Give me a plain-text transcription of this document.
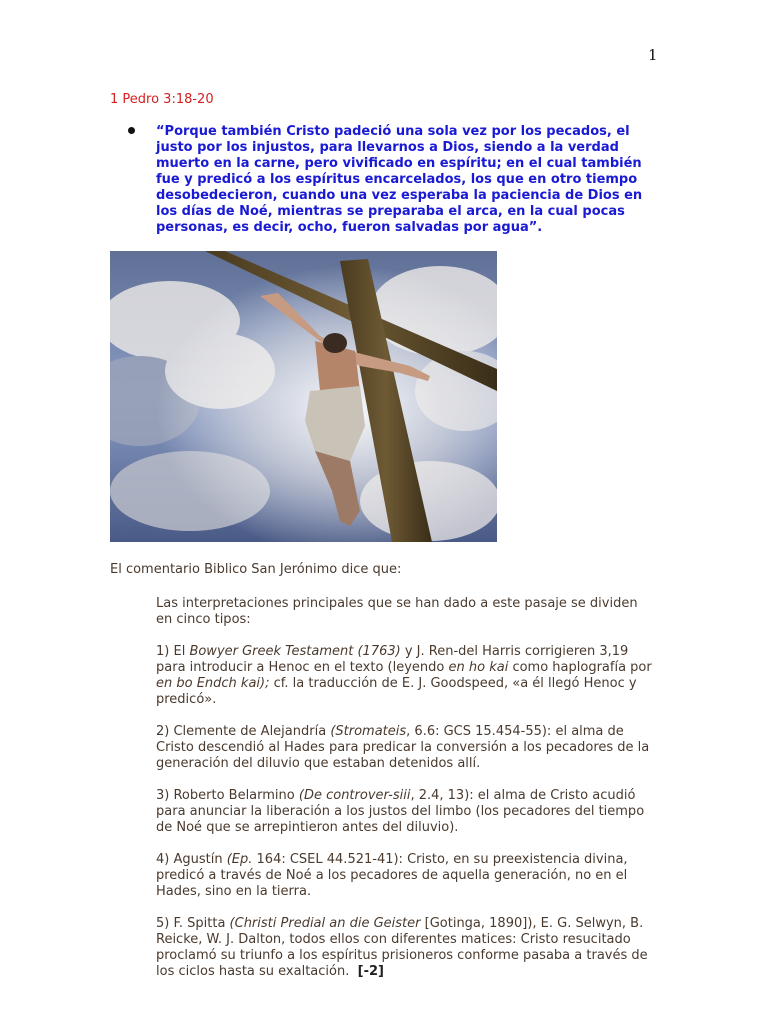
1
1 Pedro 3:18-20

“Porque también Cristo padeció una sola vez por los pecados, el justo por los injustos, para llevarnos a Dios, siendo a la verdad muerto en la carne, pero vivificado en espíritu; en el cual también fue y predicó a los espíritus encarcelados, los que en otro tiempo desobedecieron, cuando una vez esperaba la paciencia de Dios en los días de Noé, mientras se preparaba el arca, en la cual pocas personas, es decir, ocho, fueron salvadas por agua”.

El comentario Biblico San Jerónimo dice que:

Las interpretaciones principales que se han dado a este pasaje se dividen en cinco tipos:

1) El Bowyer Greek Testament (1763) y J. Ren-del Harris corrigieren 3,19 para introducir a Henoc en el texto (leyendo en ho kai como haplografía por en bo Endch kai); cf. la traducción de E. J. Goodspeed, «a él llegó Henoc y predicó».

2) Clemente de Alejandría (Stromateis, 6.6: GCS 15.454-55): el alma de Cristo descendió al Hades para predicar la conversión a los pecadores de la generación del diluvio que estaban detenidos allí.

3) Roberto Belarmino (De controver-siii, 2.4, 13): el alma de Cristo acudió para anunciar la liberación a los justos del limbo (los pecadores del tiempo de Noé que se arrepintieron antes del diluvio).

4) Agustín (Ep. 164: CSEL 44.521-41): Cristo, en su preexistencia divina, predicó a través de Noé a los pecadores de aquella generación, no en el Hades, sino en la tierra.

5) F. Spitta (Christi Predial an die Geister [Gotinga, 1890]), E. G. Selwyn, B. Reicke, W. J. Dalton, todos ellos con diferentes matices: Cristo resucitado proclamó su triunfo a los espíritus prisioneros conforme pasaba a través de los ciclos hasta su exaltación. [-2]
